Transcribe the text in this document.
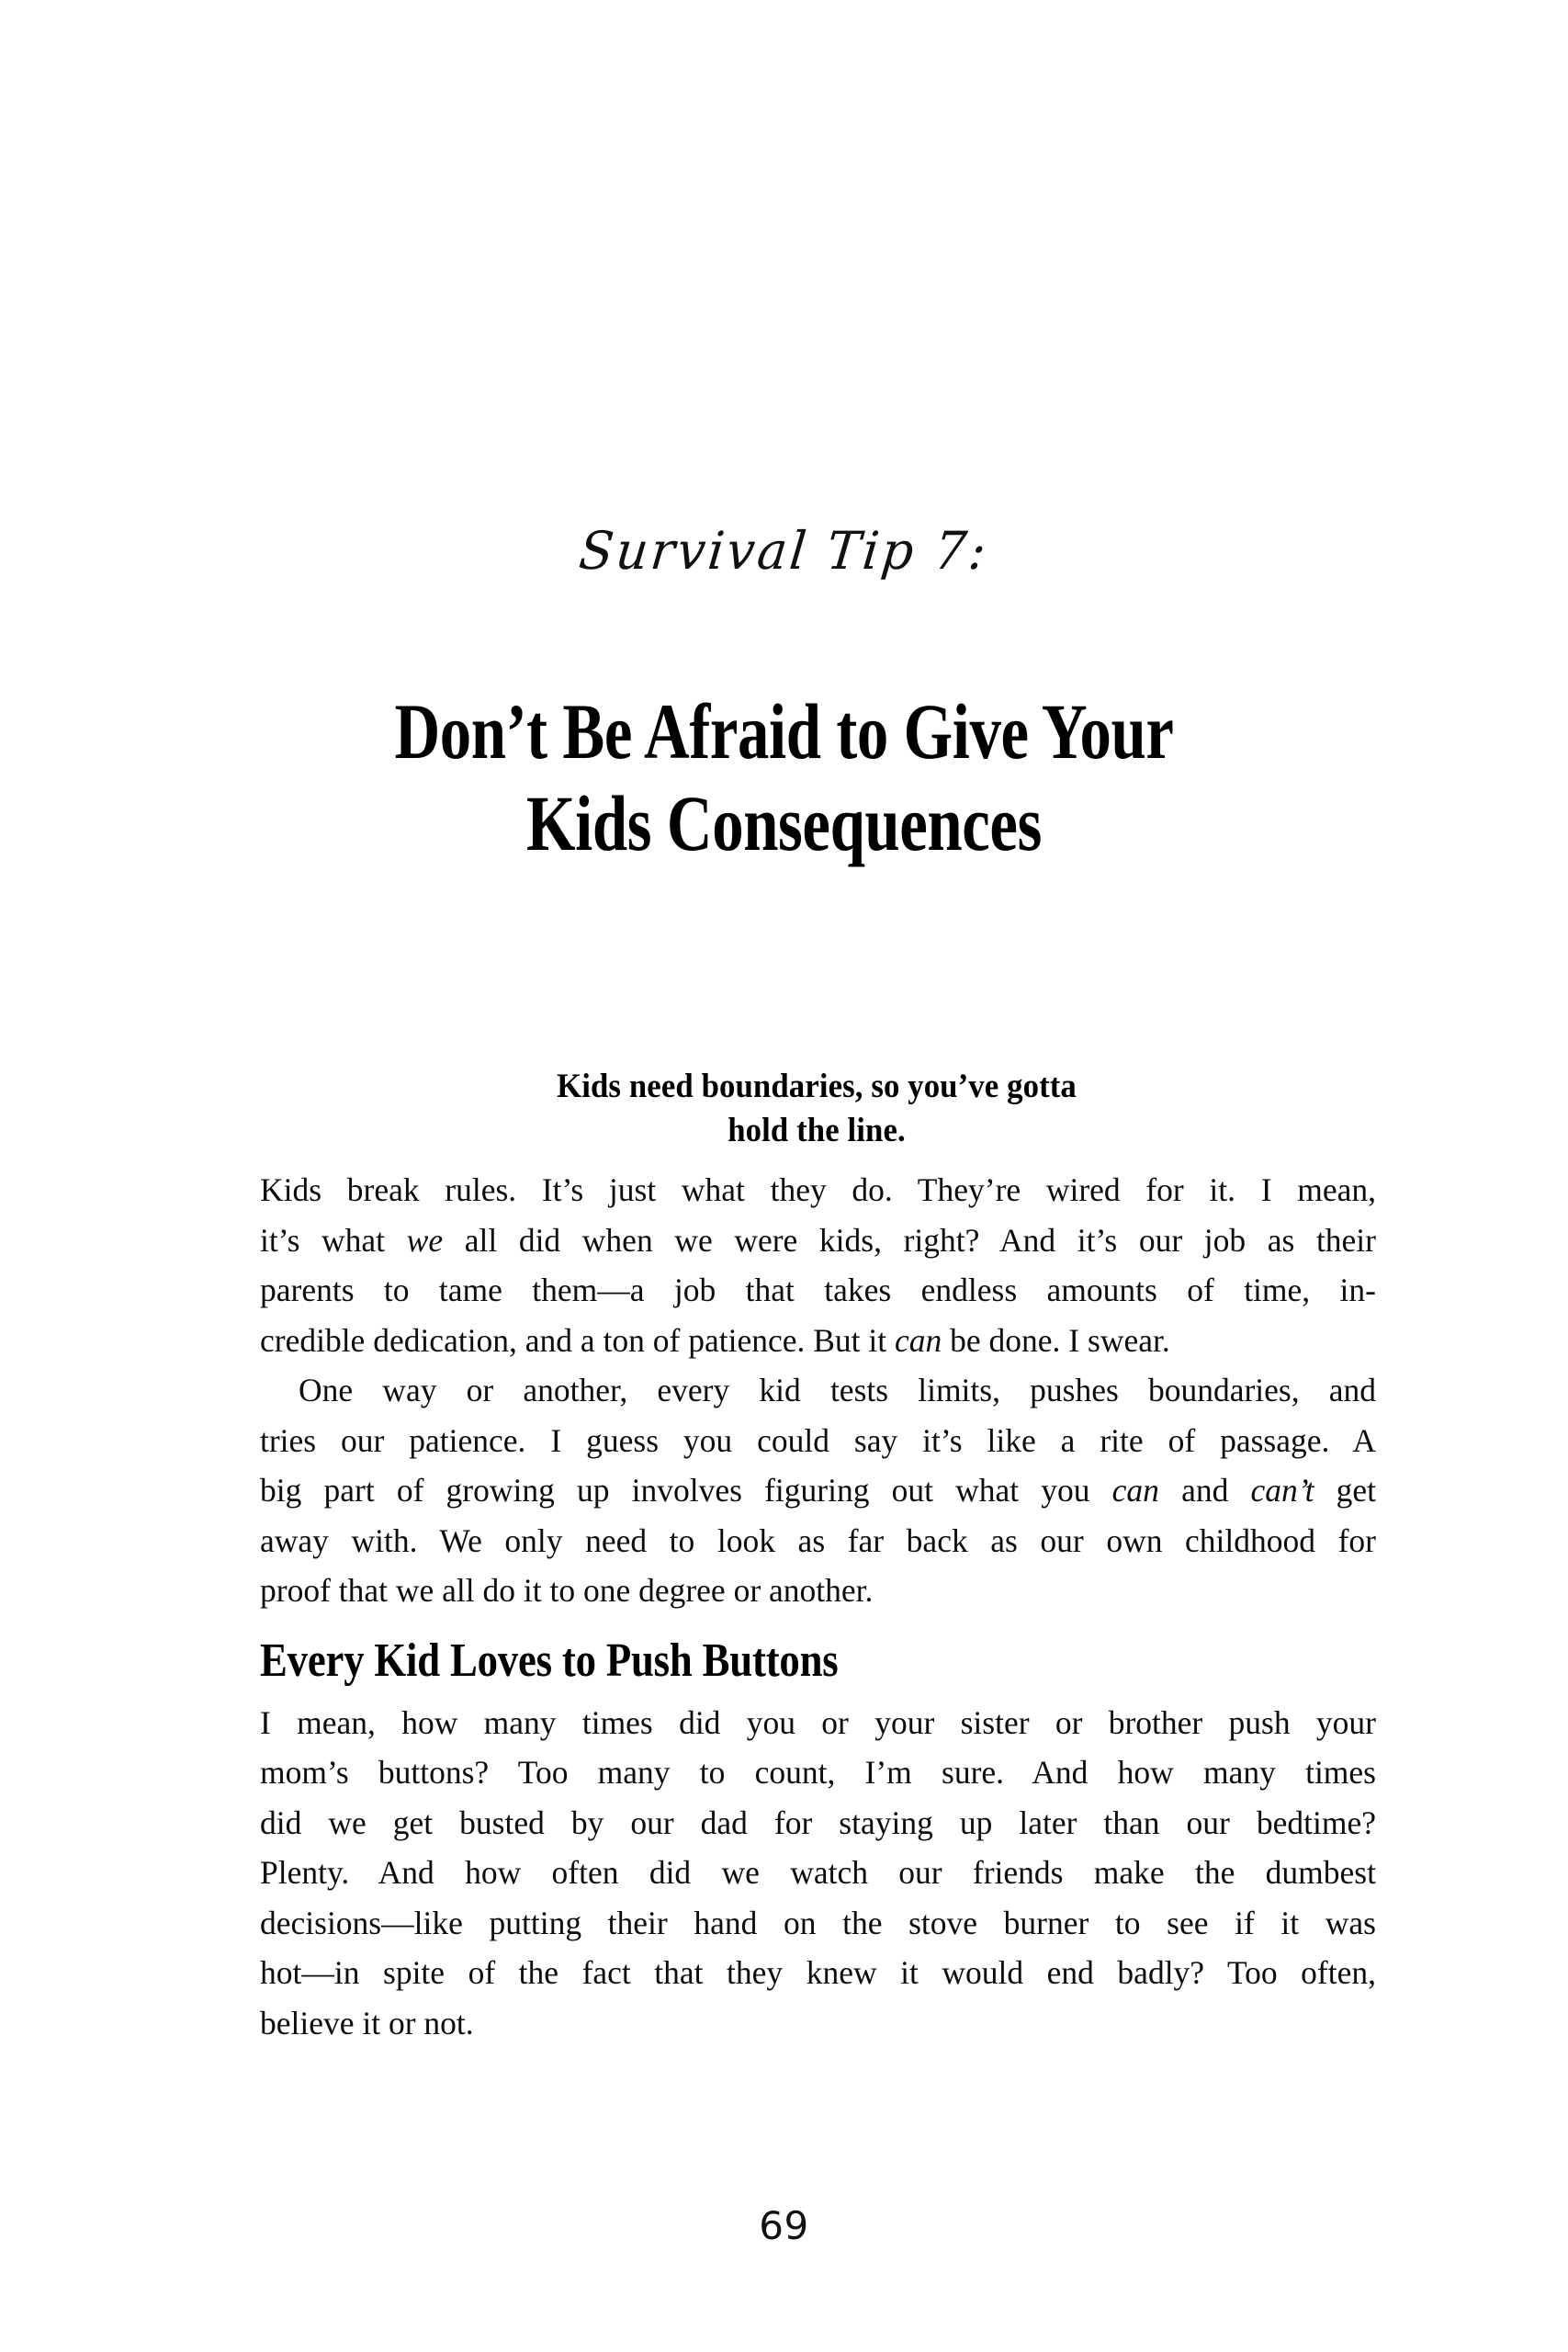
Survival Tip 7:
Don’t Be Afraid to Give Your
Kids Consequences
Kids need boundaries, so you’ve gotta
hold the line.

Kids break rules. It’s just what they do. They’re wired for it. I mean,
it’s what we all did when we were kids, right? And it’s our job as their
parents to tame them—a job that takes endless amounts of time, in-
credible dedication, and a ton of patience. But it can be done. I swear.

One way or another, every kid tests limits, pushes boundaries, and
tries our patience. I guess you could say it’s like a rite of passage. A
big part of growing up involves figuring out what you can and can’t get
away with. We only need to look as far back as our own childhood for
proof that we all do it to one degree or another.

Every Kid Loves to Push Buttons

I mean, how many times did you or your sister or brother push your
mom’s buttons? Too many to count, I’m sure. And how many times
did we get busted by our dad for staying up later than our bedtime?
Plenty. And how often did we watch our friends make the dumbest
decisions—like putting their hand on the stove burner to see if it was
hot—in spite of the fact that they knew it would end badly? Too often,
believe it or not.

69
